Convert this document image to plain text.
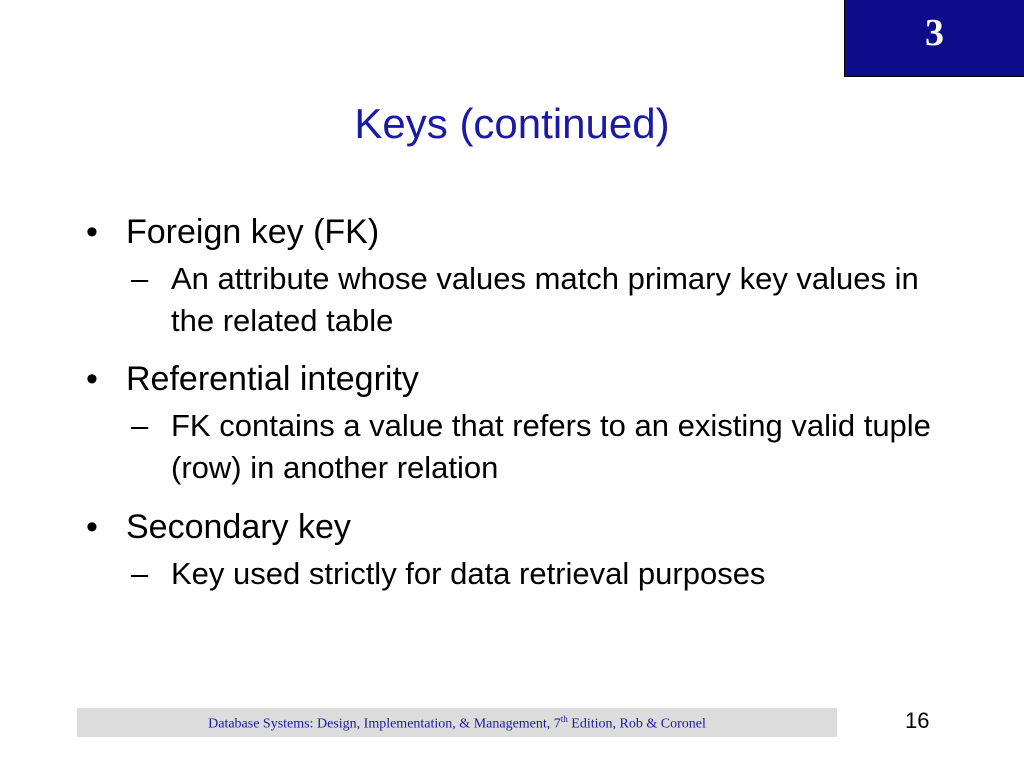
3
Keys (continued)
• Foreign key (FK)
– An attribute whose values match primary key values in the related table
• Referential integrity
– FK contains a value that refers to an existing valid tuple (row) in another relation
• Secondary key
– Key used strictly for data retrieval purposes
Database Systems: Design, Implementation, & Management, 7th Edition, Rob & Coronel	16
